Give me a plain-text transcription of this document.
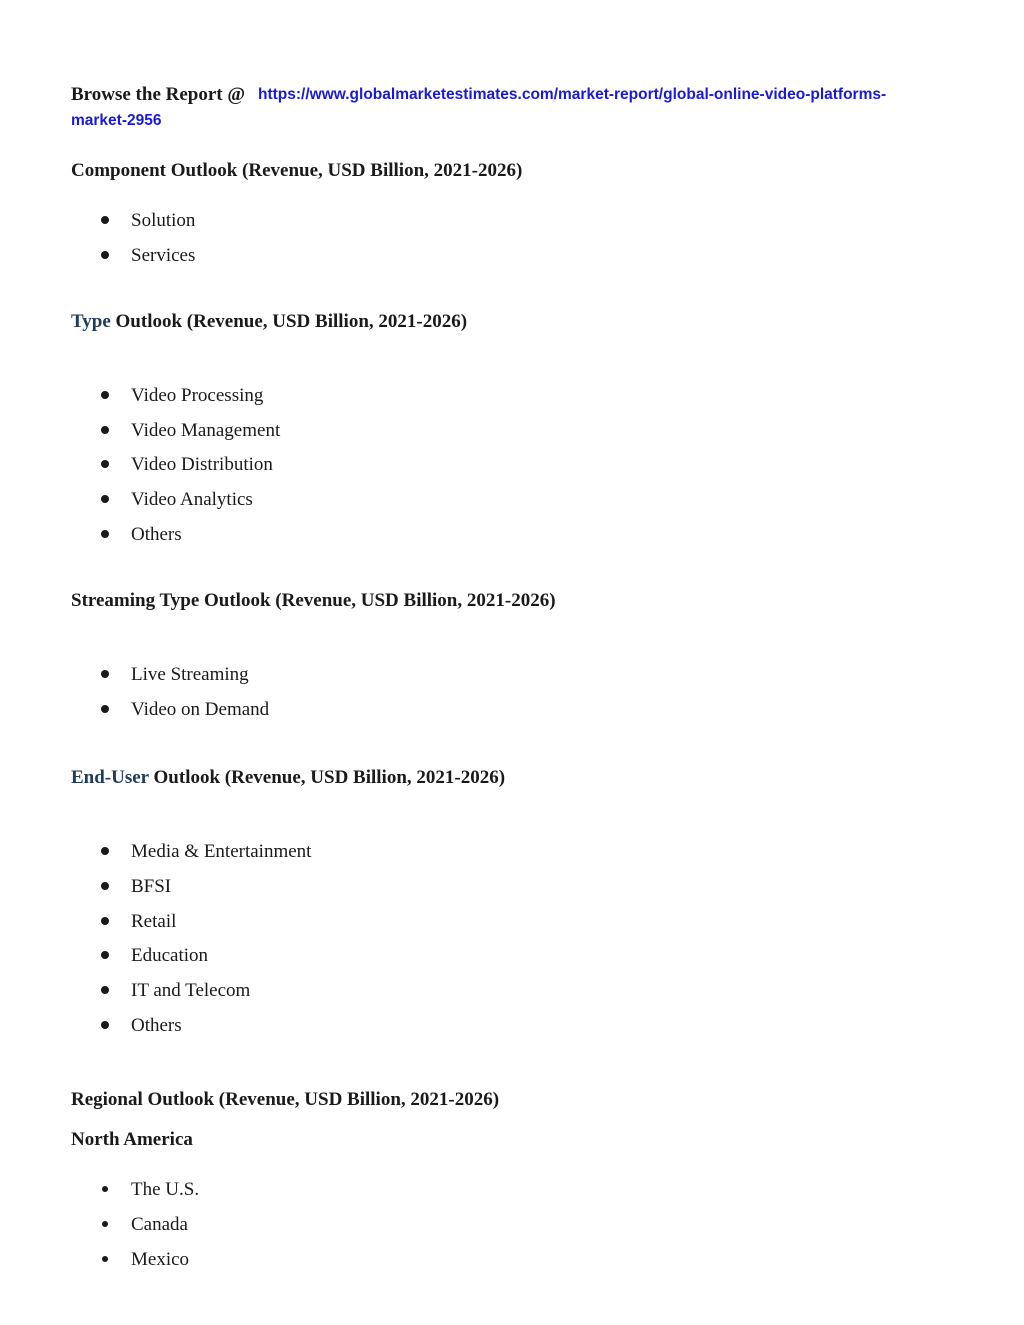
Browse the Report @ https://www.globalmarketestimates.com/market-report/global-online-video-platforms-
market-2956
Component Outlook (Revenue, USD Billion, 2021-2026)
Solution
Services
Type Outlook (Revenue, USD Billion, 2021-2026)
Video Processing
Video Management
Video Distribution
Video Analytics
Others
Streaming Type Outlook (Revenue, USD Billion, 2021-2026)
Live Streaming
Video on Demand
End-User Outlook (Revenue, USD Billion, 2021-2026)
Media & Entertainment
BFSI
Retail
Education
IT and Telecom
Others
Regional Outlook (Revenue, USD Billion, 2021-2026)
North America
The U.S.
Canada
Mexico
